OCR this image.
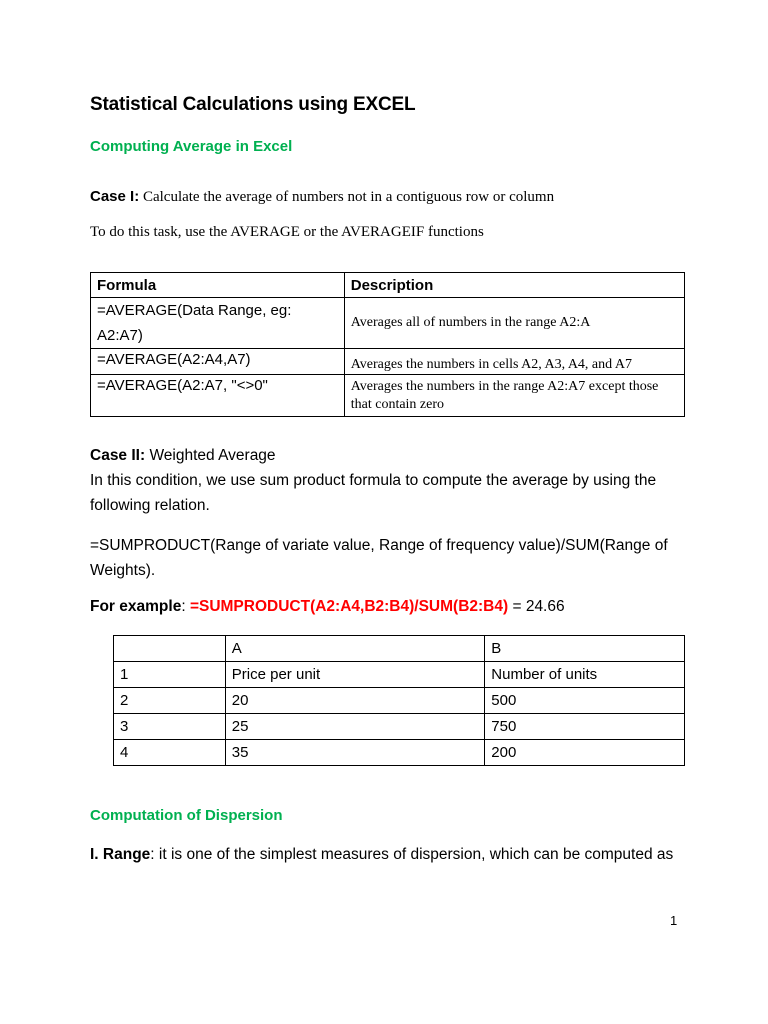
Statistical Calculations using EXCEL
Computing Average in Excel
Case I: Calculate the average of numbers not in a contiguous row or column
To do this task, use the AVERAGE or the AVERAGEIF functions
Formula	Description
=AVERAGE(Data Range, eg: A2:A7)	Averages all of numbers in the range A2:A
=AVERAGE(A2:A4,A7)	Averages the numbers in cells A2, A3, A4, and A7
=AVERAGE(A2:A7, "<>0"	Averages the numbers in the range A2:A7 except those that contain zero
Case II: Weighted Average
In this condition, we use sum product formula to compute the average by using the following relation.
=SUMPRODUCT(Range of variate value, Range of frequency value)/SUM(Range of Weights).
For example: =SUMPRODUCT(A2:A4,B2:B4)/SUM(B2:B4) = 24.66
	A	B
1	Price per unit	Number of units
2	20	500
3	25	750
4	35	200
Computation of Dispersion
I. Range: it is one of the simplest measures of dispersion, which can be computed as
1
